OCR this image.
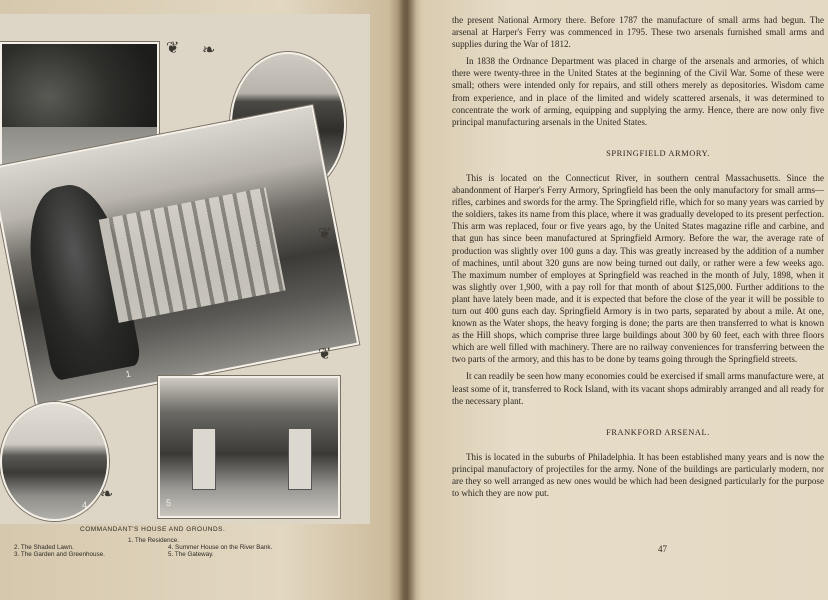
1
4	5
❦ ❧
❦
❧
❦
COMMANDANT'S HOUSE AND GROUNDS.
1. The Residence.
2. The Shaded Lawn.
3. The Garden and Greenhouse.
4. Summer House on the River Bank.
5. The Gateway.

the present National Armory there. Before 1787 the manufacture of small arms had begun. The arsenal at Harper's Ferry was commenced in 1795. These two arsenals furnished small arms and supplies during the War of 1812.

In 1838 the Ordnance Department was placed in charge of the arsenals and armories, of which there were twenty-three in the United States at the beginning of the Civil War. Some of these were small; others were intended only for repairs, and still others merely as depositories. Wisdom came from experience, and in place of the limited and widely scattered arsenals, it was determined to concentrate the work of arming, equipping and supplying the army. Hence, there are now only five principal manufacturing arsenals in the United States.

SPRINGFIELD ARMORY.

This is located on the Connecticut River, in southern central Massachusetts. Since the abandonment of Harper's Ferry Armory, Springfield has been the only manufactory for small arms—rifles, carbines and swords for the army. The Springfield rifle, which for so many years was carried by the soldiers, takes its name from this place, where it was gradually developed to its present perfection. This arm was replaced, four or five years ago, by the United States magazine rifle and carbine, and that gun has since been manufactured at Springfield Armory. Before the war, the average rate of production was slightly over 100 guns a day. This was greatly increased by the addition of a number of machines, until about 320 guns are now being turned out daily, or rather were a few weeks ago. The maximum number of employes at Springfield was reached in the month of July, 1898, when it was slightly over 1,900, with a pay roll for that month of about $125,000. Further additions to the plant have lately been made, and it is expected that before the close of the year it will be possible to turn out 400 guns each day. Springfield Armory is in two parts, separated by about a mile. At one, known as the Water shops, the heavy forging is done; the parts are then transferred to what is known as the Hill shops, which comprise three large buildings about 300 by 60 feet, each with three floors which are well filled with machinery. There are no railway conveniences for transferring between the two parts of the armory, and this has to be done by teams going through the Springfield streets.

It can readily be seen how many economies could be exercised if small arms manufacture were, at least some of it, transferred to Rock Island, with its vacant shops admirably arranged and all ready for the necessary plant.

FRANKFORD ARSENAL.

This is located in the suburbs of Philadelphia. It has been established many years and is now the principal manufactory of projectiles for the army. None of the buildings are particularly modern, nor are they so well arranged as new ones would be which had been designed particularly for the purpose to which they are now put.

47
